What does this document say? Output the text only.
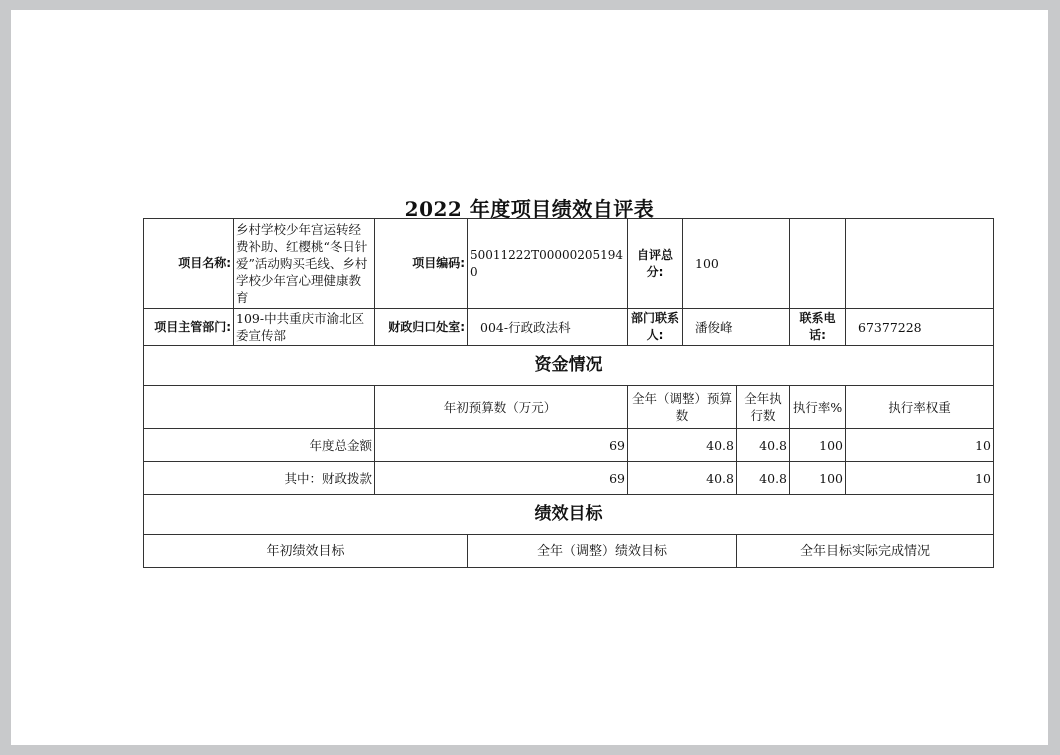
2022 年度项目绩效自评表
项目名称:	乡村学校少年宫运转经费补助、红樱桃“冬日针爱”活动购买毛线、乡村学校少年宫心理健康教育	项目编码:	50011222T000002051940	自评总分:	100			
项目主管部门:	109-中共重庆市渝北区委宣传部	财政归口处室:	004-行政政法科	部门联系人:	潘俊峰		联系电话:	67377228
资金情况								
		年初预算数（万元）		全年（调整）预算数		全年执行数	执行率%	执行率权重
年度总金额		69		40.8		40.8	100	10
其中：财政拨款		69		40.8		40.8	100	10
绩效目标								
年初绩效目标			全年（调整）绩效目标			全年目标实际完成情况		
